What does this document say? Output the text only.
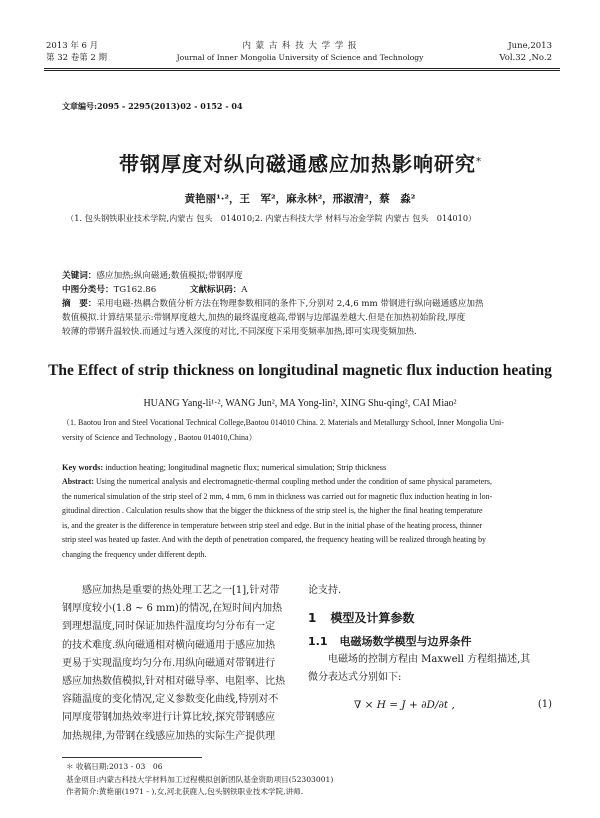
2013 年 6 月
第 32 卷第 2 期
内 蒙 古 科 技 大 学 学 报
Journal of Inner Mongolia University of Science and Technology
June,2013
Vol.32 ,No.2
文章编号:2095 - 2295(2013)02 - 0152 - 04
带钢厚度对纵向磁通感应加热影响研究*
黄艳丽¹·²，王　军²，麻永林²，邢淑清²，蔡　淼²
（1. 包头钢铁职业技术学院,内蒙古 包头　014010;2. 内蒙古科技大学 材料与冶金学院 内蒙古 包头　014010）
关键词：感应加热;纵向磁通;数值模拟;带钢厚度
中图分类号：TG162.86	文献标识码：A
摘　要：采用电磁-热耦合数值分析方法在物理参数相同的条件下,分别对 2,4,6 mm 带钢进行纵向磁通感应加热
数值模拟.计算结果显示:带钢厚度越大,加热的最终温度越高,带钢与边部温差越大.但是在加热初始阶段,厚度
较薄的带钢升温较快.而通过与透入深度的对比,不同深度下采用变频率加热,即可实现变频加热.
The Effect of strip thickness on longitudinal magnetic flux induction heating
HUANG Yang-li¹·², WANG Jun², MA Yong-lin², XING Shu-qing², CAI Miao²
（1. Baotou Iron and Steel Vocational Technical College,Baotou 014010 China. 2. Materials and Metallurgy School, Inner Mongolia Uni-
versity of Science and Technology , Baotou 014010,China）
Key words: induction heating; longitudinal magnetic flux; numerical simulation; Strip thickness
Abstract: Using the numerical analysis and electromagnetic-thermal coupling method under the condition of same physical parameters,
the numerical simulation of the strip steel of 2 mm, 4 mm, 6 mm in thickness was carried out for magnetic flux induction heating in lon-
gitudinal direction . Calculation results show that the bigger the thickness of the strip steel is, the higher the final heating temperature
is, and the greater is the difference in temperature between strip steel and edge. But in the initial phase of the heating process, thinner
strip steel was heated up faster. And with the depth of penetration compared, the frequency heating will be realized through heating by
changing the frequency under different depth.
　　感应加热是重要的热处理工艺之一[1],针对带
钢厚度较小(1.8 ~ 6 mm)的情况,在短时间内加热
到理想温度,同时保证加热件温度均匀分布有一定
的技术难度.纵向磁通相对横向磁通用于感应加热
更易于实现温度均匀分布.用纵向磁通对带钢进行
感应加热数值模拟,针对相对磁导率、电阻率、比热
容随温度的变化情况,定义参数变化曲线,特别对不
同厚度带钢加热效率进行计算比较,探究带钢感应
加热规律,为带钢在线感应加热的实际生产提供理
论支持.
1 模型及计算参数
1.1 电磁场数学模型与边界条件
　　电磁场的控制方程由 Maxwell 方程组描述,其
微分表达式分别如下:
∇ × H = J + ∂D/∂t ,	(1)
＊ 收稿日期:2013 - 03　06
基金项目:内蒙古科技大学材料加工过程模拟创新团队基金资助项目(52303001)
作者简介:黄艳丽(1971 - ),女,河北获鹿人,包头钢铁职业技术学院,讲师.
